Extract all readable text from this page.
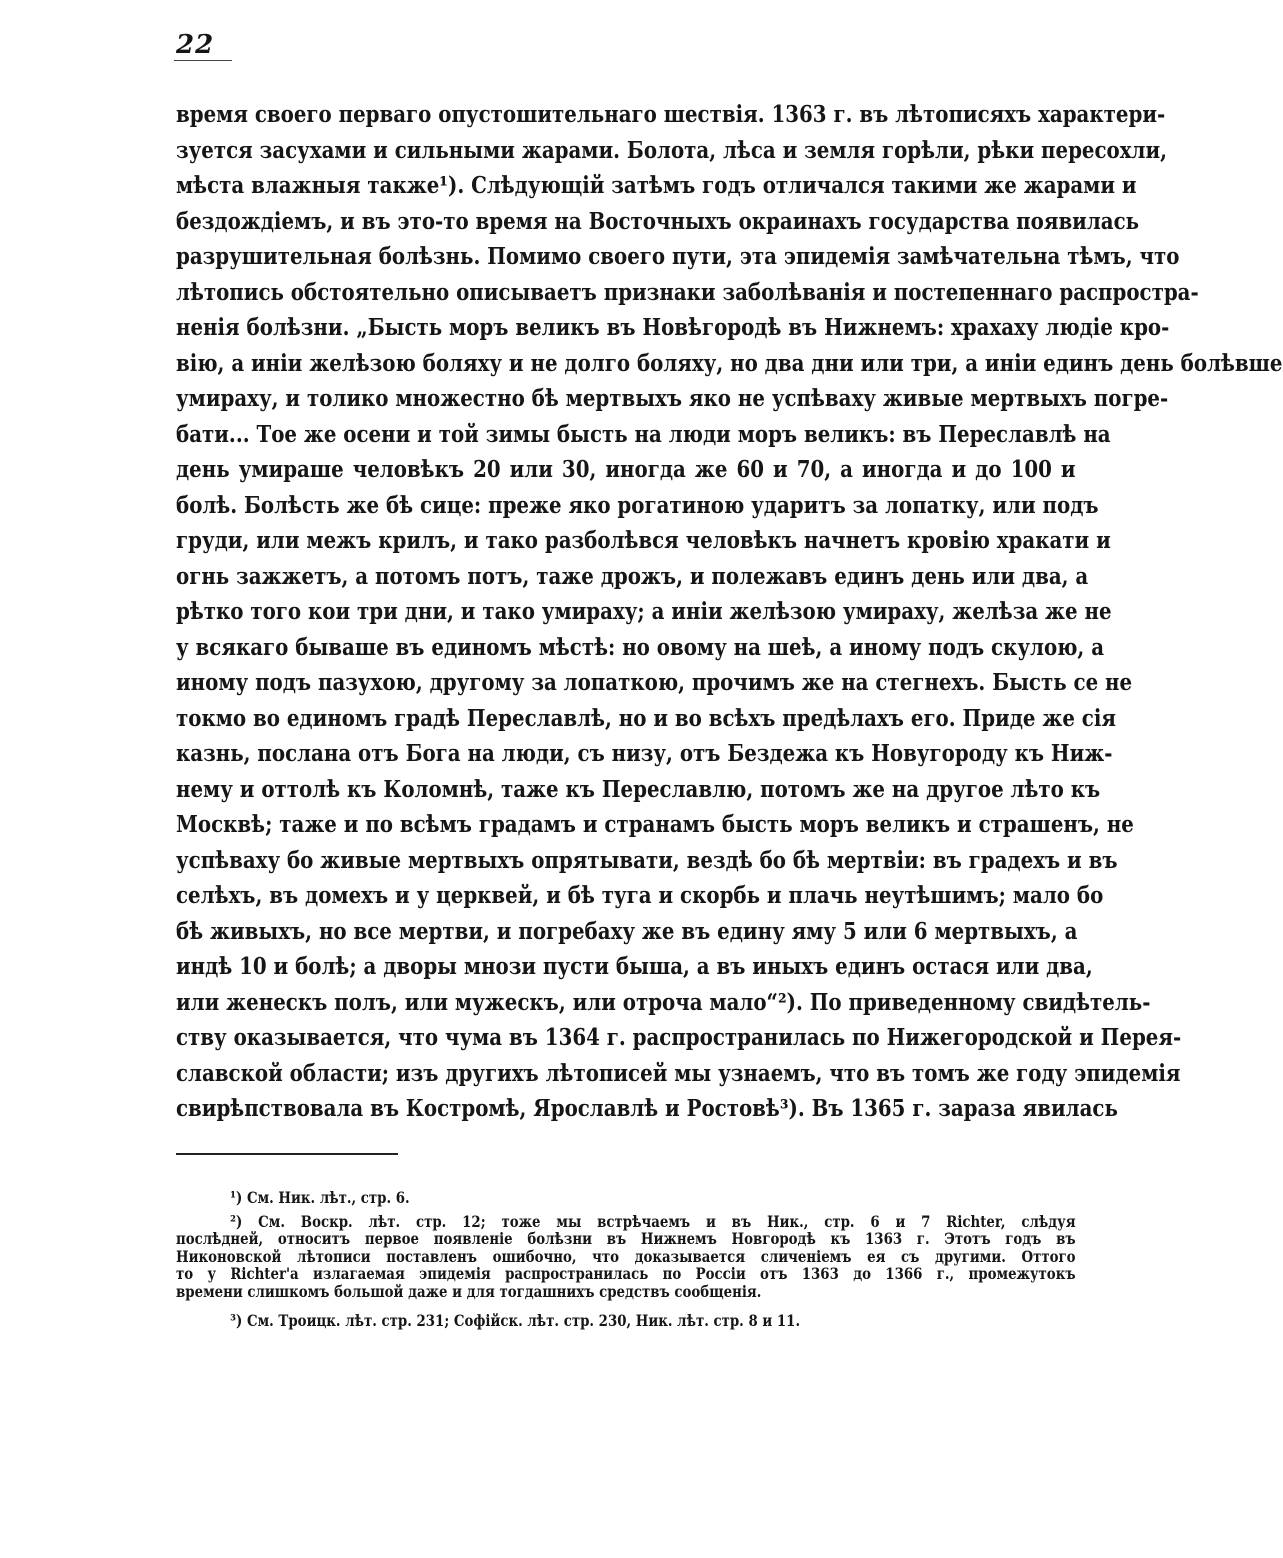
22
время своего перваго опустошительнаго шествія. 1363 г. въ лѣтописяхъ характери-
зуется засухами и сильными жарами. Болота, лѣса и земля горѣли, рѣки пересохли,
мѣста влажныя также¹). Слѣдующій затѣмъ годъ отличался такими же жарами и
бездождіемъ, и въ это-то время на Восточныхъ окраинахъ государства появилась
разрушительная болѣзнь. Помимо своего пути, эта эпидемія замѣчательна тѣмъ, что
лѣтопись обстоятельно описываетъ признаки заболѣванія и постепеннаго распростра-
ненія болѣзни. „Бысть моръ великъ въ Новѣгородѣ въ Нижнемъ: храхаху людіе кро-
вію, а иніи желѣзою боляху и не долго боляху, но два дни или три, а иніи единъ день болѣвше
умираху, и толико множестно бѣ мертвыхъ яко не успѣваху живые мертвыхъ погре-
бати... Тое же осени и той зимы бысть на люди моръ великъ: въ Переславлѣ на
день умираше человѣкъ 20 или 30, иногда же 60 и 70, а иногда и до 100 и
болѣ. Болѣсть же бѣ сице: преже яко рогатиною ударитъ за лопатку, или подъ
груди, или межъ крилъ, и тако разболѣвся человѣкъ начнетъ кровію хракати и
огнь зажжетъ, а потомъ потъ, таже дрожъ, и полежавъ единъ день или два, а
рѣтко того кои три дни, и тако умираху; а иніи желѣзою умираху, желѣза же не
у всякаго бываше въ единомъ мѣстѣ: но овому на шеѣ, а иному подъ скулою, а
иному подъ пазухою, другому за лопаткою, прочимъ же на стегнехъ. Бысть се не
токмо во единомъ градѣ Переславлѣ, но и во всѣхъ предѣлахъ его. Приде же сія
казнь, послана отъ Бога на люди, съ низу, отъ Бездежа къ Новугороду къ Ниж-
нему и оттолѣ къ Коломнѣ, таже къ Переславлю, потомъ же на другое лѣто къ
Москвѣ; таже и по всѣмъ градамъ и странамъ бысть моръ великъ и страшенъ, не
успѣваху бо живые мертвыхъ опрятывати, вездѣ бо бѣ мертвіи: въ градехъ и въ
селѣхъ, въ домехъ и у церквей, и бѣ туга и скорбь и плачь неутѣшимъ; мало бо
бѣ живыхъ, но все мертви, и погребаху же въ едину яму 5 или 6 мертвыхъ, а
индѣ 10 и болѣ; а дворы мнози пусти быша, а въ иныхъ единъ остася или два,
или женескъ полъ, или мужескъ, или отроча мало“²). По приведенному свидѣтель-
ству оказывается, что чума въ 1364 г. распространилась по Нижегородской и Перея-
славской области; изъ другихъ лѣтописей мы узнаемъ, что въ томъ же году эпидемія
свирѣпствовала въ Костромѣ, Ярославлѣ и Ростовѣ³). Въ 1365 г. зараза явилась
¹) См. Ник. лѣт., стр. 6.
²) См. Воскр. лѣт. стр. 12; тоже мы встрѣчаемъ и въ Ник., стр. 6 и 7 Richter, слѣдуя
послѣдней, относитъ первое появленіе болѣзни въ Нижнемъ Новгородѣ къ 1363 г. Этотъ годъ въ
Никоновской лѣтописи поставленъ ошибочно, что доказывается сличеніемъ ея съ другими. Оттого
то у Richter'а излагаемая эпидемія распространилась по Россіи отъ 1363 до 1366 г., промежутокъ
времени слишкомъ большой даже и для тогдашнихъ средствъ сообщенія.
³) См. Троицк. лѣт. стр. 231; Софійск. лѣт. стр. 230, Ник. лѣт. стр. 8 и 11.
